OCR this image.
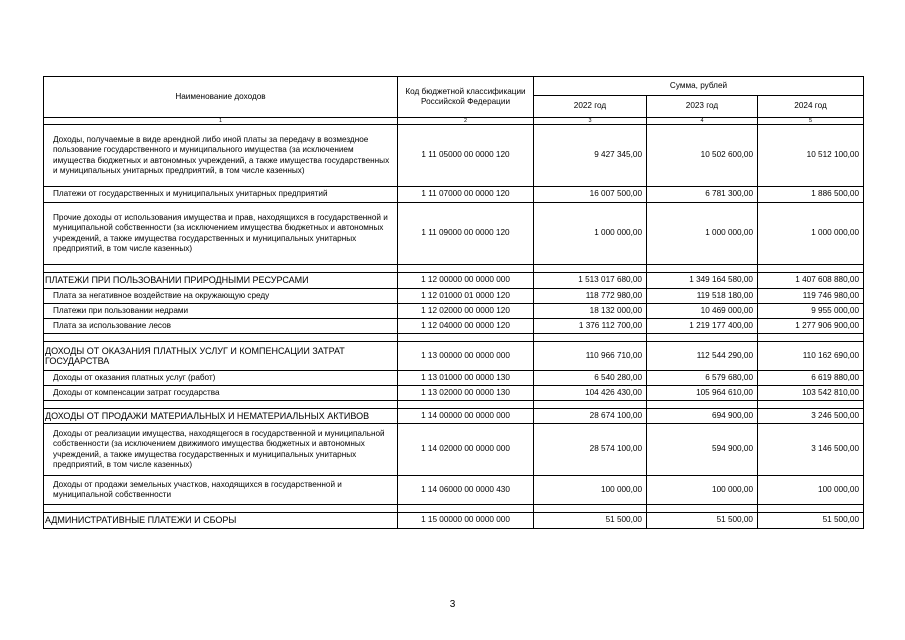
Наименование доходов	Код бюджетной классификации Российской Федерации	Сумма, рублей		
		2022 год	2023 год	2024 год
1	2	3	4	5
Доходы, получаемые в виде арендной либо иной платы за передачу в возмездное пользование государственного и муниципального имущества (за исключением имущества бюджетных и автономных учреждений, а также имущества государственных и муниципальных унитарных предприятий, в том числе казенных)	1 11 05000 00 0000 120	9 427 345,00	10 502 600,00	10 512 100,00
Платежи от государственных и муниципальных унитарных предприятий	1 11 07000 00 0000 120	16 007 500,00	6 781 300,00	1 886 500,00
Прочие доходы от использования имущества и прав, находящихся в государственной и муниципальной собственности (за исключением имущества бюджетных и автономных учреждений, а также имущества государственных и муниципальных унитарных предприятий, в том числе казенных)	1 11 09000 00 0000 120	1 000 000,00	1 000 000,00	1 000 000,00

ПЛАТЕЖИ ПРИ ПОЛЬЗОВАНИИ ПРИРОДНЫМИ РЕСУРСАМИ	1 12 00000 00 0000 000	1 513 017 680,00	1 349 164 580,00	1 407 608 880,00
Плата за негативное воздействие на окружающую среду	1 12 01000 01 0000 120	118 772 980,00	119 518 180,00	119 746 980,00
Платежи при пользовании недрами	1 12 02000 00 0000 120	18 132 000,00	10 469 000,00	9 955 000,00
Плата за использование лесов	1 12 04000 00 0000 120	1 376 112 700,00	1 219 177 400,00	1 277 906 900,00

ДОХОДЫ ОТ ОКАЗАНИЯ ПЛАТНЫХ УСЛУГ И КОМПЕНСАЦИИ ЗАТРАТ ГОСУДАРСТВА	1 13 00000 00 0000 000	110 966 710,00	112 544 290,00	110 162 690,00
Доходы от оказания платных услуг (работ)	1 13 01000 00 0000 130	6 540 280,00	6 579 680,00	6 619 880,00
Доходы от компенсации затрат государства	1 13 02000 00 0000 130	104 426 430,00	105 964 610,00	103 542 810,00

ДОХОДЫ ОТ ПРОДАЖИ МАТЕРИАЛЬНЫХ И НЕМАТЕРИАЛЬНЫХ АКТИВОВ	1 14 00000 00 0000 000	28 674 100,00	694 900,00	3 246 500,00
Доходы от реализации имущества, находящегося в государственной и муниципальной собственности (за исключением движимого имущества бюджетных и автономных учреждений, а также имущества государственных и муниципальных унитарных предприятий, в том числе казенных)	1 14 02000 00 0000 000	28 574 100,00	594 900,00	3 146 500,00
Доходы от продажи земельных участков, находящихся в государственной и муниципальной собственности	1 14 06000 00 0000 430	100 000,00	100 000,00	100 000,00

АДМИНИСТРАТИВНЫЕ ПЛАТЕЖИ И СБОРЫ	1 15 00000 00 0000 000	51 500,00	51 500,00	51 500,00
3
